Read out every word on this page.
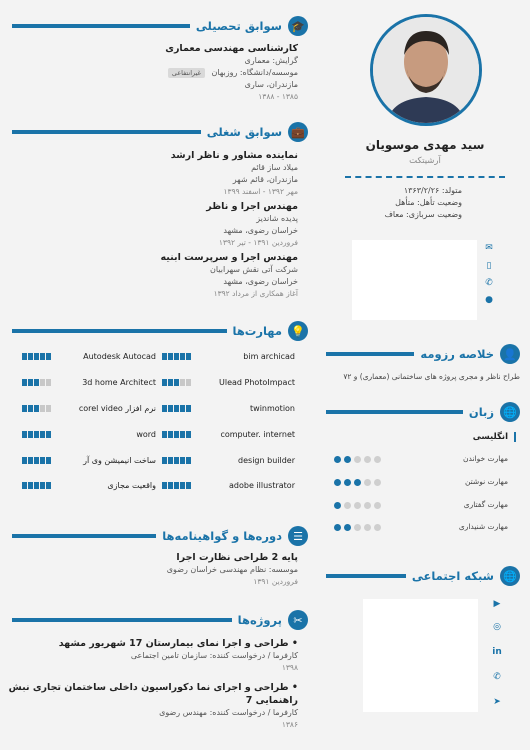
🎓
سوابق تحصیلی
کارشناسی مهندسی معماری
گرایش: معماری
موسسه/دانشگاه: روزبهان غیرانتفاعی
مازندران، ساری
۱۳۸۵ - ۱۳۸۸
💼
سوابق شغلی
نماینده مشاور و ناظر ارشد
میلاد ساز قائم
مازندران، قائم شهر
مهر ۱۳۹۲ - اسفند ۱۳۹۹
مهندس اجرا و ناظر
پدیده شاندیز
خراسان رضوی، مشهد
فروردین ۱۳۹۱ - تیر ۱۳۹۲
مهندس اجرا و سرپرست ابنیه
شرکت آتی نقش سهرابیان
خراسان رضوی، مشهد
آغاز همکاری از مرداد ۱۳۹۲
💡
مهارت‌ها
bim archicad
Autodesk Autocad
Ulead PhotoImpact
3d home Architect
twinmotion
نرم افزار corel video
computer. internet
word
design builder
ساخت انیمیشن وی آر
adobe illustrator
واقعیت مجازی
☰
دوره‌ها و گواهینامه‌ها
پایه 2 طراحی نظارت اجرا
موسسه: نظام مهندسی خراسان رضوی
فروردین ۱۳۹۱
✂
پروژه‌ها
• طراحی و اجرا نمای بیمارستان 17 شهریور مشهد
کارفرما / درخواست کننده: سازمان تامین اجتماعی
۱۳۹۸
• طراحی و اجرای نما دکوراسیون داخلی ساختمان تجاری نبش راهنمایی 7
کارفرما / درخواست کننده: مهندس رضوی
۱۳۸۶
سید مهدی موسویان
آرشیتکت
متولد: ۱۳۶۳/۲/۲۶
وضعیت تأهل: متأهل
وضعیت سربازی: معاف
✉
▯
✆
●
👤
خلاصه رزومه
طراح ناظر و مجری پروژه های ساختمانی (معماری) و ۷۲
🌐
زبان
انگلیسی
مهارت خواندن
مهارت نوشتن
مهارت گفتاری
مهارت شنیداری
🌐
شبکه اجتماعی
▶
◎
in
✆
➤
